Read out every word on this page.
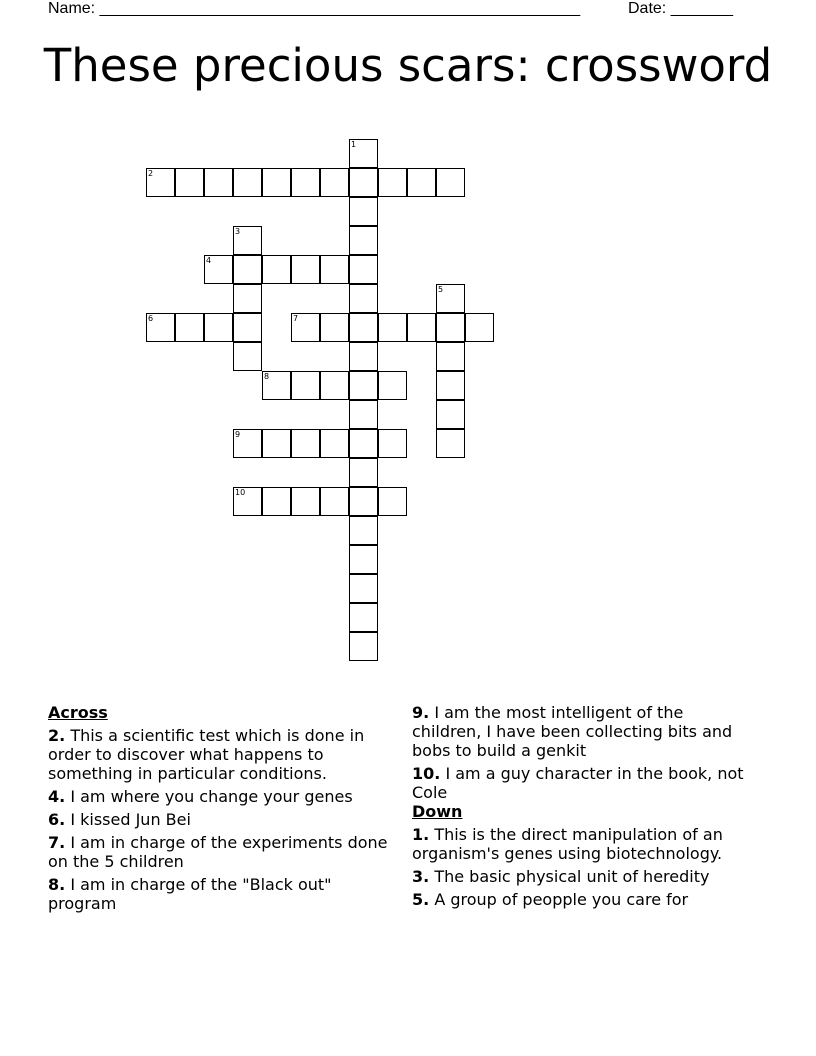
Name: ______________________________________________________	Date: _______
These precious scars: crossword
1
2
3
4
5
6	7
8
9
10
Across
2. This a scientific test which is done in order to discover what happens to something in particular conditions.
4. I am where you change your genes
6. I kissed Jun Bei
7. I am in charge of the experiments done on the 5 children
8. I am in charge of the "Black out" program
9. I am the most intelligent of the children, I have been collecting bits and bobs to build a genkit
10. I am a guy character in the book, not Cole
Down
1. This is the direct manipulation of an organism's genes using biotechnology.
3. The basic physical unit of heredity
5. A group of peopple you care for
